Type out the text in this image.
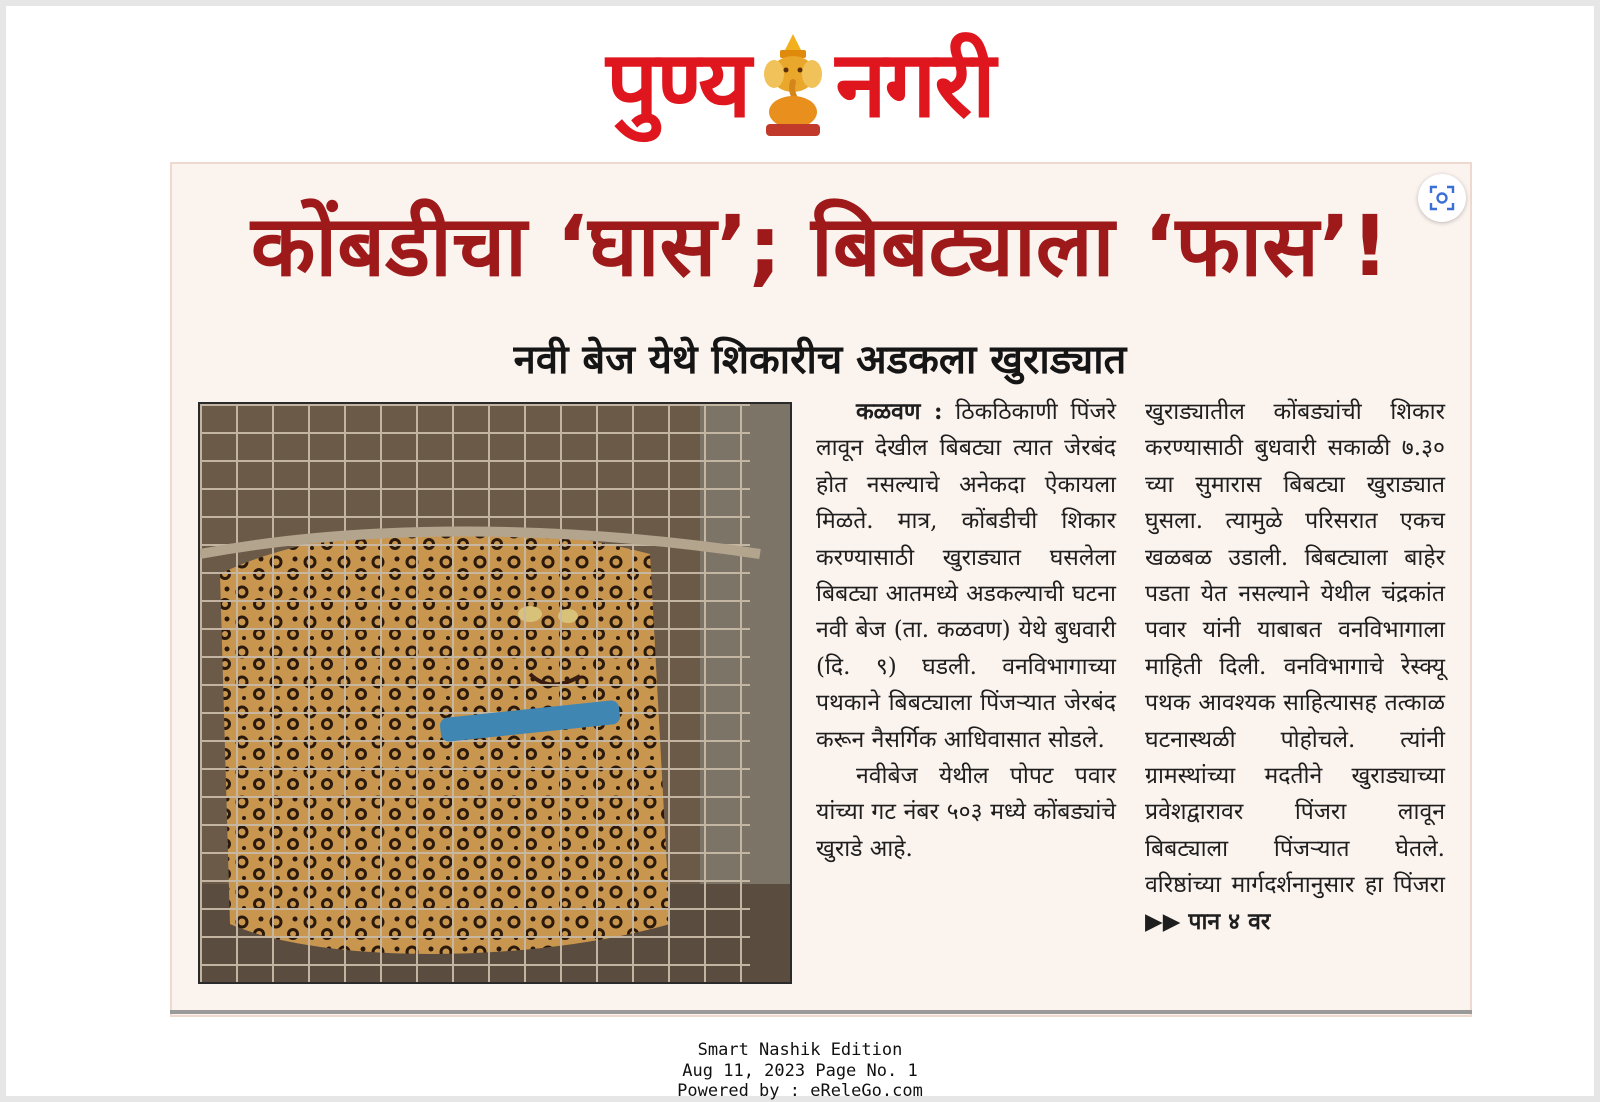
पुण्य नगरी
कोंबडीचा ‘घास’; बिबट्याला ‘फास’!
नवी बेज येथे शिकारीच अडकला खुराड्यात

कळवण : ठिकठिकाणी पिंजरे लावून देखील बिबट्या त्यात जेरबंद होत नसल्याचे अनेकदा ऐकायला मिळते. मात्र, कोंबडीची शिकार करण्यासाठी खुराड्यात घसलेला बिबट्या आतमध्ये अडकल्याची घटना नवी बेज (ता. कळवण) येथे बुधवारी (दि. ९) घडली. वनविभागाच्या पथकाने बिबट्याला पिंजऱ्यात जेरबंद करून नैसर्गिक आधिवासात सोडले.

नवीबेज येथील पोपट पवार यांच्या गट नंबर ५०३ मध्ये कोंबड्यांचे खुराडे आहे.

खुराड्यातील कोंबड्यांची शिकार करण्यासाठी बुधवारी सकाळी ७.३० च्या सुमारास बिबट्या खुराड्यात घुसला. त्यामुळे परिसरात एकच खळबळ उडाली. बिबट्याला बाहेर पडता येत नसल्याने येथील चंद्रकांत पवार यांनी याबाबत वनविभागाला माहिती दिली. वनविभागाचे रेस्क्यू पथक आवश्यक साहित्यासह तत्काळ घटनास्थळी पोहोचले. त्यांनी ग्रामस्थांच्या मदतीने खुराड्याच्या प्रवेशद्वारावर पिंजरा लावून बिबट्याला पिंजऱ्यात घेतले. वरिष्ठांच्या मार्गदर्शनानुसार हा पिंजरा ▶▶ पान ४ वर

Smart Nashik Edition
Aug 11, 2023 Page No. 1
Powered by : eReleGo.com
